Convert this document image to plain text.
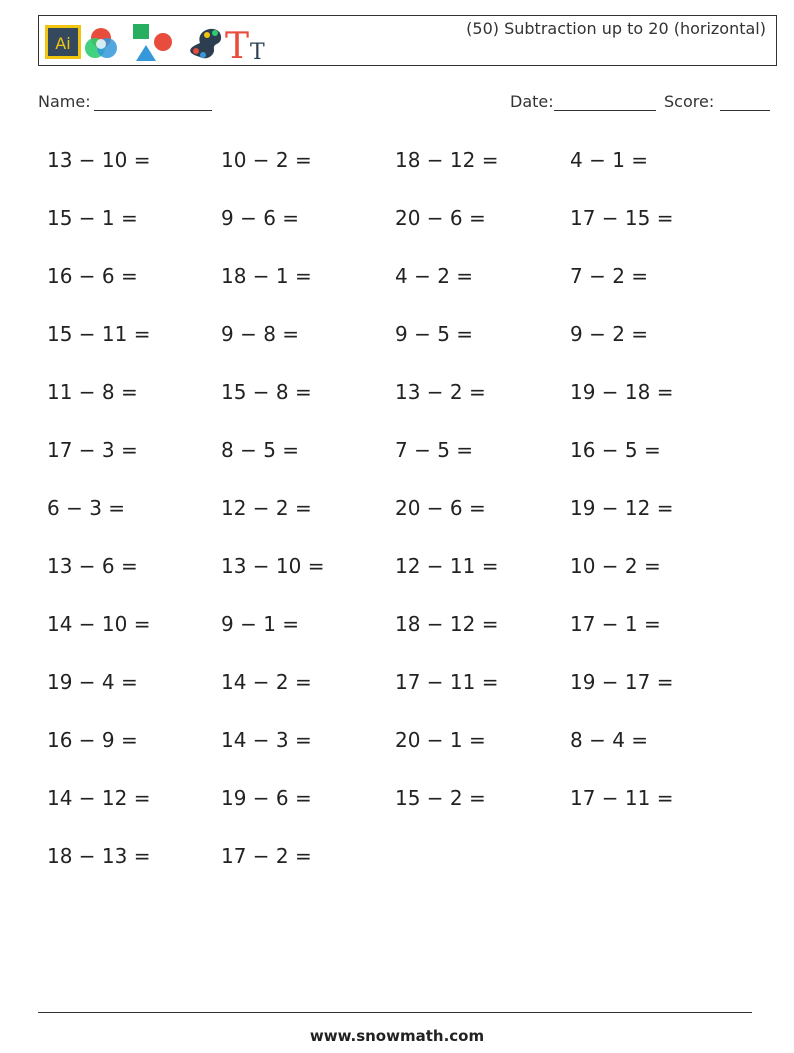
Ai	T T
(50) Subtraction up to 20 (horizontal)
Name:	Date:	Score:
13 − 10 =	10 − 2 =	18 − 12 =	4 − 1 =
15 − 1 =	9 − 6 =	20 − 6 =	17 − 15 =
16 − 6 =	18 − 1 =	4 − 2 =	7 − 2 =
15 − 11 =	9 − 8 =	9 − 5 =	9 − 2 =
11 − 8 =	15 − 8 =	13 − 2 =	19 − 18 =
17 − 3 =	8 − 5 =	7 − 5 =	16 − 5 =
6 − 3 =	12 − 2 =	20 − 6 =	19 − 12 =
13 − 6 =	13 − 10 =	12 − 11 =	10 − 2 =
14 − 10 =	9 − 1 =	18 − 12 =	17 − 1 =
19 − 4 =	14 − 2 =	17 − 11 =	19 − 17 =
16 − 9 =	14 − 3 =	20 − 1 =	8 − 4 =
14 − 12 =	19 − 6 =	15 − 2 =	17 − 11 =
18 − 13 =	17 − 2 =
www.snowmath.com
